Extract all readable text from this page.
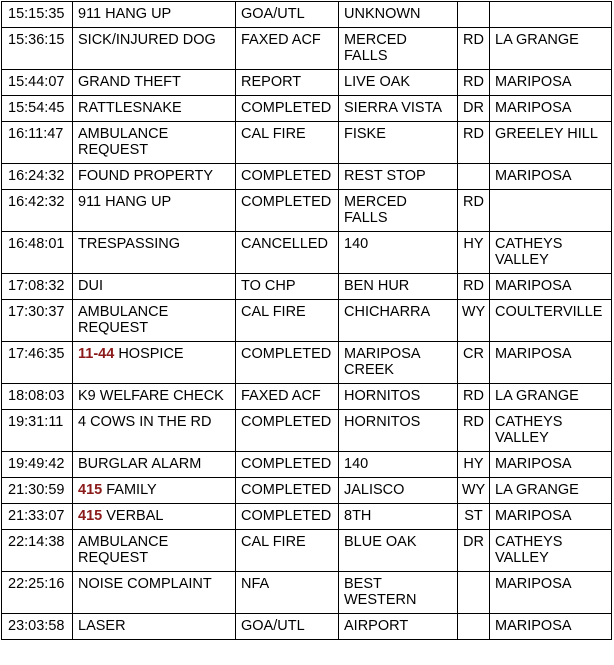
15:15:35	911 HANG UP	GOA/UTL	UNKNOWN		
15:36:15	SICK/INJURED DOG	FAXED ACF	MERCED FALLS	RD	LA GRANGE
15:44:07	GRAND THEFT	REPORT	LIVE OAK	RD	MARIPOSA
15:54:45	RATTLESNAKE	COMPLETED	SIERRA VISTA	DR	MARIPOSA
16:11:47	AMBULANCE REQUEST	CAL FIRE	FISKE	RD	GREELEY HILL
16:24:32	FOUND PROPERTY	COMPLETED	REST STOP		MARIPOSA
16:42:32	911 HANG UP	COMPLETED	MERCED FALLS	RD	
16:48:01	TRESPASSING	CANCELLED	140	HY	CATHEYS VALLEY
17:08:32	DUI	TO CHP	BEN HUR	RD	MARIPOSA
17:30:37	AMBULANCE REQUEST	CAL FIRE	CHICHARRA	WY	COULTERVILLE
17:46:35	11-44 HOSPICE	COMPLETED	MARIPOSA CREEK	CR	MARIPOSA
18:08:03	K9 WELFARE CHECK	FAXED ACF	HORNITOS	RD	LA GRANGE
19:31:11	4 COWS IN THE RD	COMPLETED	HORNITOS	RD	CATHEYS VALLEY
19:49:42	BURGLAR ALARM	COMPLETED	140	HY	MARIPOSA
21:30:59	415 FAMILY	COMPLETED	JALISCO	WY	LA GRANGE
21:33:07	415 VERBAL	COMPLETED	8TH	ST	MARIPOSA
22:14:38	AMBULANCE REQUEST	CAL FIRE	BLUE OAK	DR	CATHEYS VALLEY
22:25:16	NOISE COMPLAINT	NFA	BEST WESTERN		MARIPOSA
23:03:58	LASER	GOA/UTL	AIRPORT		MARIPOSA
